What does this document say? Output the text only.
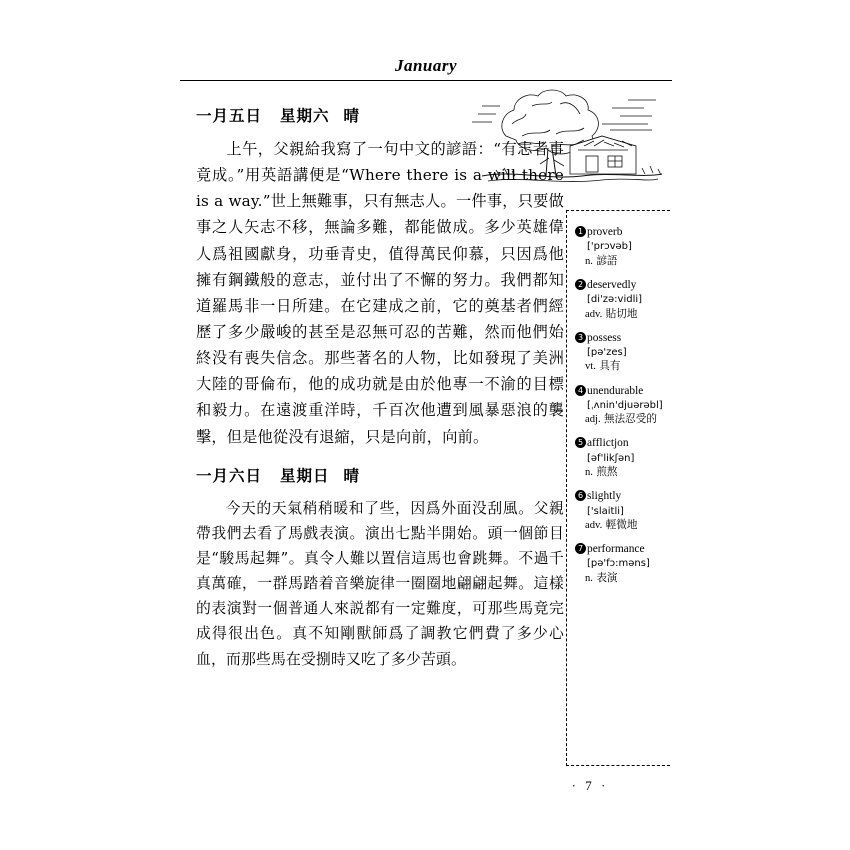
January
一月五日 星期六 晴
上午，父親給我寫了一句中文的諺語：“有志者事竟成。”用英語講便是“Where there is a will there is a way.”世上無難事，只有無志人。一件事，只要做事之人矢志不移，無論多難，都能做成。多少英雄偉人爲祖國獻身，功垂青史，值得萬民仰慕，只因爲他擁有鋼鐵般的意志，並付出了不懈的努力。我們都知道羅馬非一日所建。在它建成之前，它的奠基者們經歷了多少嚴峻的甚至是忍無可忍的苦難，然而他們始終没有喪失信念。那些著名的人物，比如發現了美洲大陸的哥倫布，他的成功就是由於他專一不渝的目標和毅力。在遠渡重洋時，千百次他遭到風暴惡浪的襲擊，但是他從没有退縮，只是向前，向前。
一月六日 星期日 晴
今天的天氣稍稍暖和了些，因爲外面没刮風。父親帶我們去看了馬戲表演。演出七點半開始。頭一個節目是“駿馬起舞”。真令人難以置信這馬也會跳舞。不過千真萬確，一群馬踏着音樂旋律一圈圈地翩翩起舞。這樣的表演對一個普通人來説都有一定難度，可那些馬竟完成得很出色。真不知剛獸師爲了調教它們費了多少心血，而那些馬在受捌時又吃了多少苦頭。
1 proverb
['prɔvəb]
n. 諺語
2 deservedly
[di'zə:vidli]
adv. 貼切地
3 possess
[pə'zes]
vt. 具有
4 unendurable
[ˌʌnin'djuərəbl]
adj. 無法忍受的
5 afflictjon
[əf'likʃən]
n. 煎熬
6 slightly
['slaitli]
adv. 輕微地
7 performance
[pə'fɔ:məns]
n. 表演
· 7 ·
